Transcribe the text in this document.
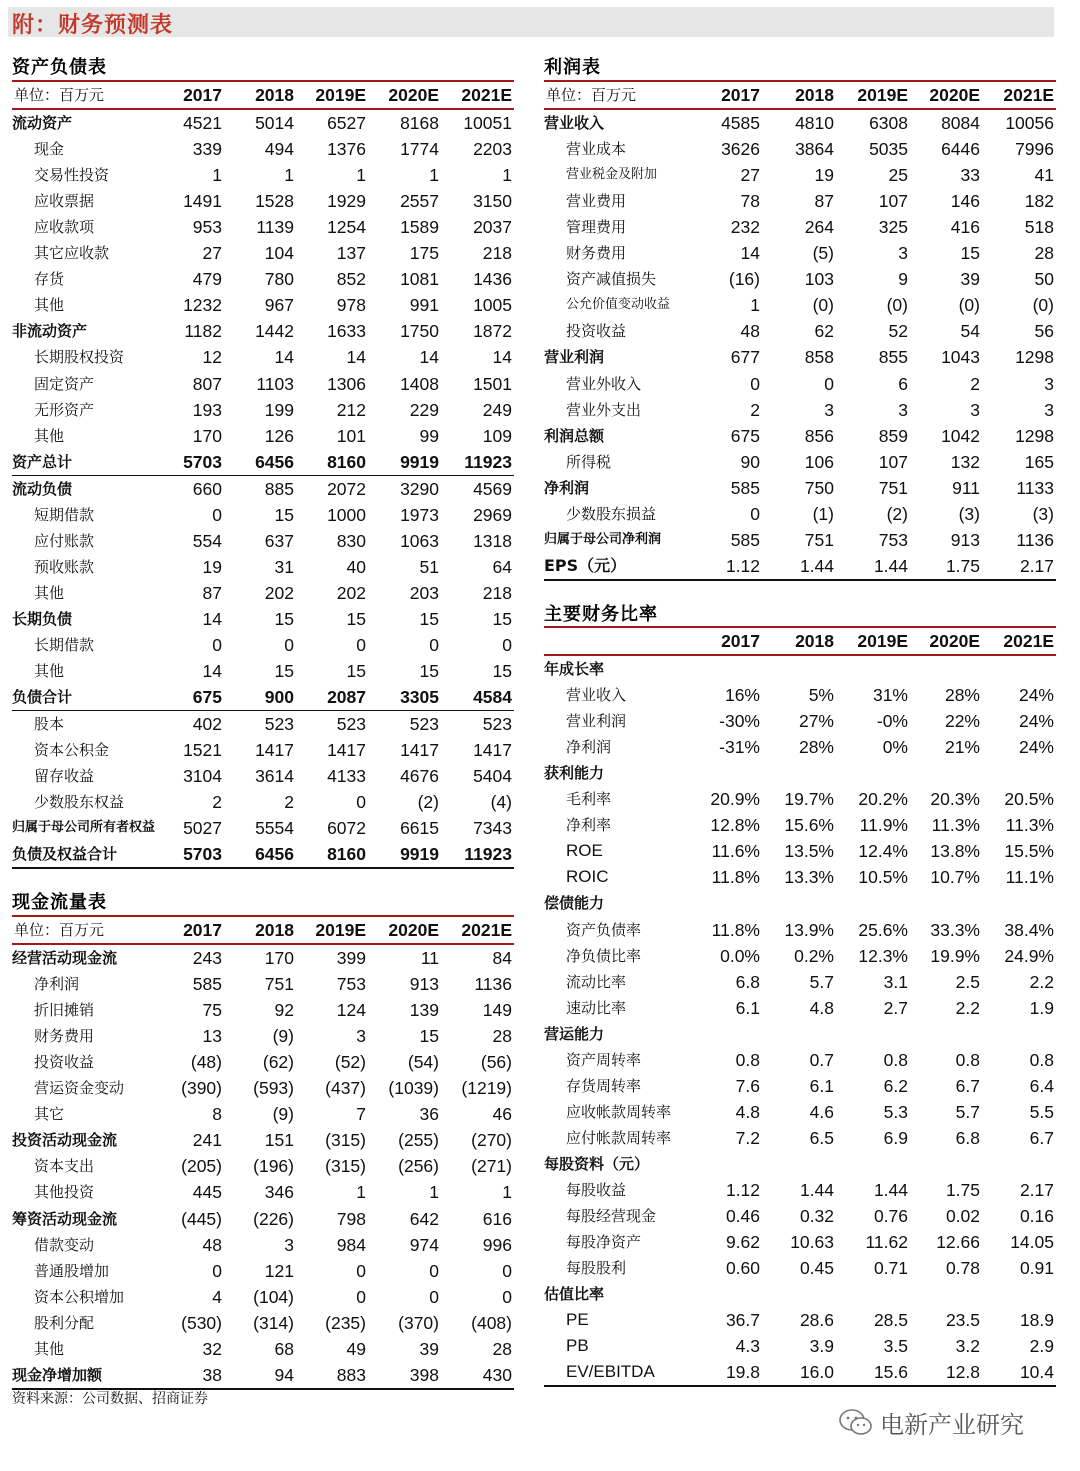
附：财务预测表
资产负债表
单位：百万元	2017 2018 2019E 2020E 2021E
流动资产	4521 5014 6527 8168 10051
现金	339 494 1376 1774 2203
交易性投资	1	1	1	1	1
应收票据	1491 1528 1929 2557 3150
应收款项	953 1139 1254 1589 2037
其它应收款	27 104 137	175	218
存货	479 780 852 1081 1436
其他	1232 967 978	991 1005
非流动资产	1182 1442 1633 1750 1872
长期股权投资	12	14	14	14	14
固定资产	807 1103 1306 1408 1501
无形资产	193 199 212	229	249
其他	170 126 101	99	109
资产总计	5703 6456 8160 9919 11923
流动负债	660 885 2072 3290 4569
短期借款	0	15 1000 1973 2969
应付账款	554 637 830 1063 1318
预收账款	19	31	40	51	64
其他	87 202 202	203	218
长期负债	14	15	15	15	15
长期借款	0	0	0	0	0
其他	14	15	15	15	15
负债合计	675 900 2087 3305 4584
股本	402 523 523	523	523
资本公积金	1521 1417 1417 1417 1417
留存收益	3104 3614 4133 4676 5404
少数股东权益	2	2	0	(2)	(4)
归属于母公司所有者权益 5027 5554 6072 6615 7343
负债及权益合计	5703 6456 8160 9919 11923
现金流量表
单位：百万元	2017 2018 2019E 2020E 2021E
经营活动现金流	243 170 399	11	84
净利润	585 751 753	913 1136
折旧摊销	75	92 124	139	149
财务费用	13	(9)	3	15	28
投资收益	(48) (62) (52) (54) (56)
营运资金变动	(390) (593) (437) (1039) (1219)
其它	8	(9)	7	36	46
投资活动现金流	241 151 (315) (255) (270)
资本支出	(205) (196) (315) (256) (271)
其他投资	445 346	1	1	1
筹资活动现金流	(445) (226) 798	642	616
借款变动	48	3 984	974	996
普通股增加	0 121	0	0	0
资本公积增加	4 (104)	0	0	0
股利分配	(530) (314) (235) (370) (408)
其他	32	68	49	39	28
现金净增加额	38	94 883	398	430
利润表
单位：百万元	2017 2018 2019E 2020E 2021E
营业收入	4585 4810 6308 8084 10056
营业成本	3626 3864 5035 6446 7996
营业税金及附加	27	19	25	33	41
营业费用	78	87	107 146	182
管理费用	232	264	325 416	518
财务费用	14	(5)	3	15	28
资产减值损失	(16)	103	9	39	50
公允价值变动收益	1	(0)	(0)	(0)	(0)
投资收益	48	62	52	54	56
营业利润	677	858	855 1043 1298
营业外收入	0	0	6	2	3
营业外支出	2	3	3	3	3
利润总额	675	856	859 1042 1298
所得税	90	106	107 132	165
净利润	585	750	751	911 1133
少数股东损益	0	(1)	(2)	(3)	(3)
归属于母公司净利润	585	751	753 913 1136
EPS（元）	1.12 1.44 1.44 1.75 2.17
主要财务比率
2017 2018 2019E 2020E 2021E
年成长率
营业收入	16%	5% 31% 28% 24%
营业利润	-30% 27% -0% 22% 24%
净利润	-31% 28%	0% 21% 24%
获利能力
毛利率	20.9% 19.7% 20.2% 20.3% 20.5%
净利率	12.8% 15.6% 11.9% 11.3% 11.3%
ROE	11.6% 13.5% 12.4% 13.8% 15.5%
ROIC	11.8% 13.3% 10.5% 10.7% 11.1%
偿债能力
资产负债率	11.8% 13.9% 25.6% 33.3% 38.4%
净负债比率	0.0% 0.2% 12.3% 19.9% 24.9%
流动比率	6.8	5.7	3.1	2.5	2.2
速动比率	6.1	4.8	2.7	2.2	1.9
营运能力
资产周转率	0.8	0.7	0.8	0.8	0.8
存货周转率	7.6	6.1	6.2	6.7	6.4
应收帐款周转率	4.8	4.6	5.3	5.7	5.5
应付帐款周转率	7.2	6.5	6.9	6.8	6.7
每股资料（元）
每股收益	1.12 1.44 1.44 1.75 2.17
每股经营现金	0.46 0.32 0.76 0.02 0.16
每股净资产	9.62 10.63 11.62 12.66 14.05
每股股利	0.60 0.45 0.71 0.78 0.91
估值比率
PE	36.7 28.6 28.5 23.5 18.9
PB	4.3	3.9	3.5	3.2	2.9
EV/EBITDA	19.8 16.0 15.6 12.8 10.4
资料来源：公司数据、招商证券
电新产业研究
